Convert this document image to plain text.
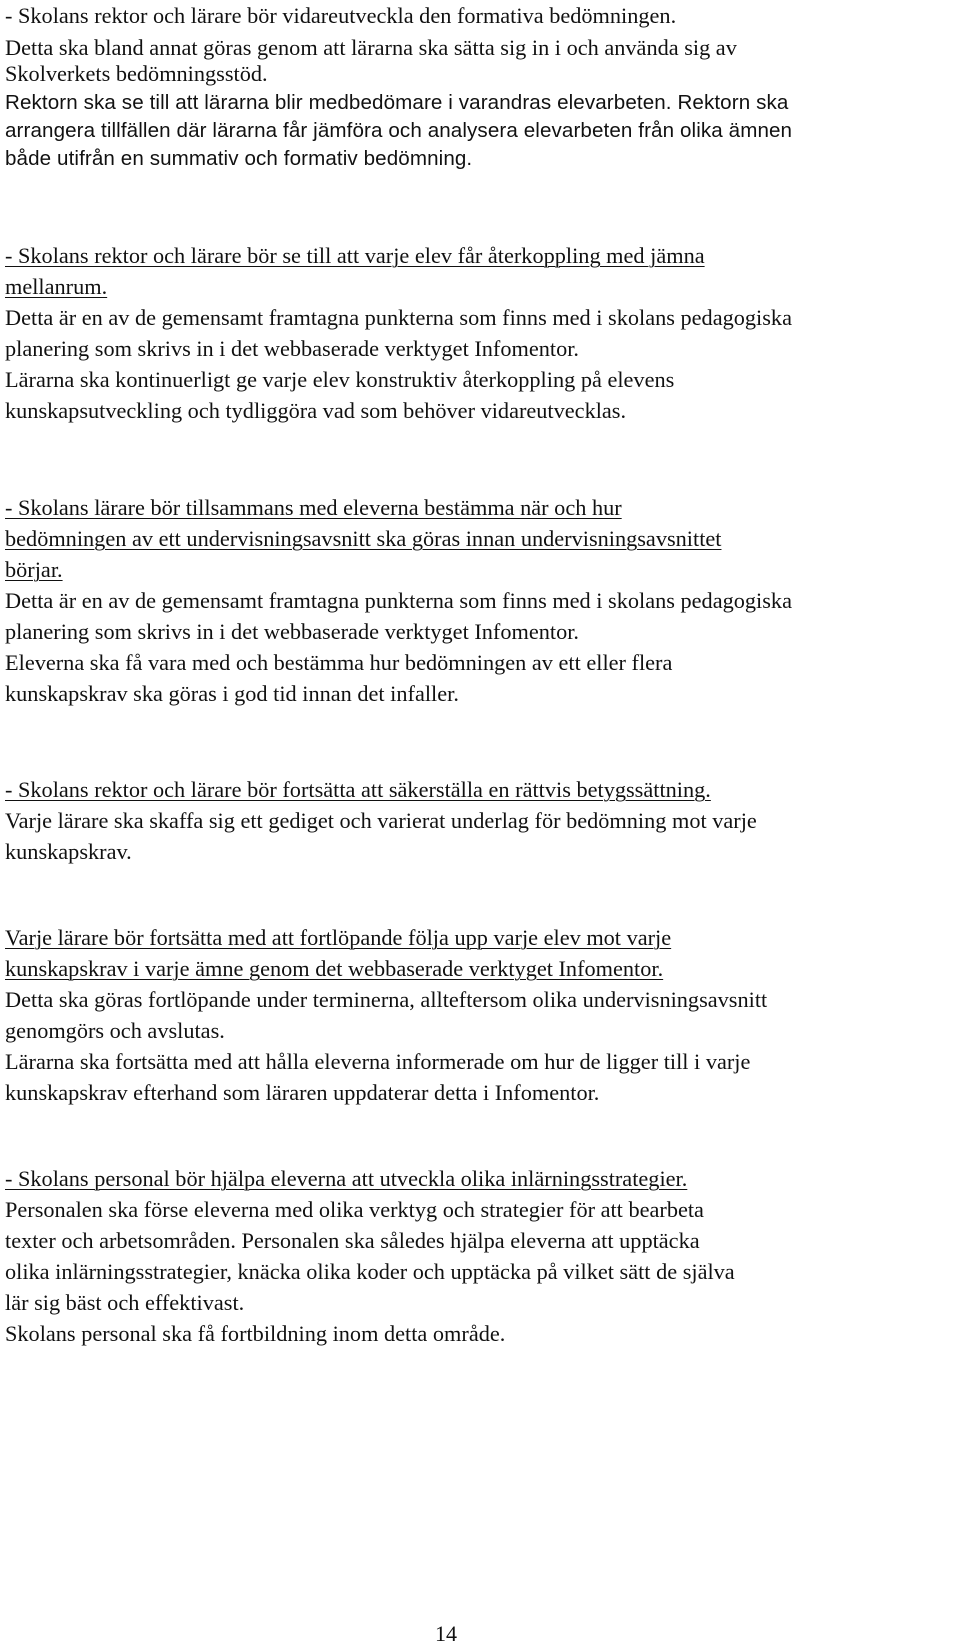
- Skolans rektor och lärare bör vidareutveckla den formativa bedömningen.
Detta ska bland annat göras genom att lärarna ska sätta sig in i och använda sig av
Skolverkets bedömningsstöd.
Rektorn ska se till att lärarna blir medbedömare i varandras elevarbeten. Rektorn ska
arrangera tillfällen där lärarna får jämföra och analysera elevarbeten från olika ämnen
både utifrån en summativ och formativ bedömning.
- Skolans rektor och lärare bör se till att varje elev får återkoppling med jämna
mellanrum.
Detta är en av de gemensamt framtagna punkterna som finns med i skolans pedagogiska
planering som skrivs in i det webbaserade verktyget Infomentor.
Lärarna ska kontinuerligt ge varje elev konstruktiv återkoppling på elevens
kunskapsutveckling och tydliggöra vad som behöver vidareutvecklas.
- Skolans lärare bör tillsammans med eleverna bestämma när och hur
bedömningen av ett undervisningsavsnitt ska göras innan undervisningsavsnittet
börjar.
Detta är en av de gemensamt framtagna punkterna som finns med i skolans pedagogiska
planering som skrivs in i det webbaserade verktyget Infomentor.
Eleverna ska få vara med och bestämma hur bedömningen av ett eller flera
kunskapskrav ska göras i god tid innan det infaller.
- Skolans rektor och lärare bör fortsätta att säkerställa en rättvis betygssättning.
Varje lärare ska skaffa sig ett gediget och varierat underlag för bedömning mot varje
kunskapskrav.
Varje lärare bör fortsätta med att fortlöpande följa upp varje elev mot varje
kunskapskrav i varje ämne genom det webbaserade verktyget Infomentor.
Detta ska göras fortlöpande under terminerna, allteftersom olika undervisningsavsnitt
genomgörs och avslutas.
Lärarna ska fortsätta med att hålla eleverna informerade om hur de ligger till i varje
kunskapskrav efterhand som läraren uppdaterar detta i Infomentor.
- Skolans personal bör hjälpa eleverna att utveckla olika inlärningsstrategier.
Personalen ska förse eleverna med olika verktyg och strategier för att bearbeta
texter och arbetsområden. Personalen ska således hjälpa eleverna att upptäcka
olika inlärningsstrategier, knäcka olika koder och upptäcka på vilket sätt de själva
lär sig bäst och effektivast.
Skolans personal ska få fortbildning inom detta område.
14
